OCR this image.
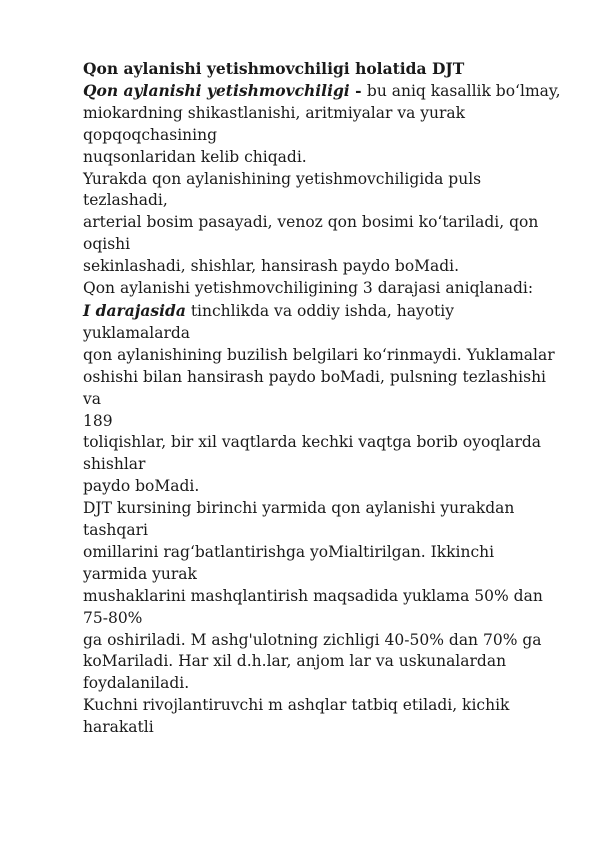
Qon aylanishi yetishmovchiligi holatida DJT
Qon aylanishi yetishmovchiligi - bu aniq kasallik bo‘lmay,
miokardning shikastlanishi, aritmiyalar va yurak
qopqoqchasining
nuqsonlaridan kelib chiqadi.
Yurakda qon aylanishining yetishmovchiligida puls
tezlashadi,
arterial bosim pasayadi, venoz qon bosimi ko‘tariladi, qon
oqishi
sekinlashadi, shishlar, hansirash paydo boMadi.
Qon aylanishi yetishmovchiligining 3 darajasi aniqlanadi:
I darajasida tinchlikda va oddiy ishda, hayotiy
yuklamalarda
qon aylanishining buzilish belgilari ko‘rinmaydi. Yuklamalar
oshishi bilan hansirash paydo boMadi, pulsning tezlashishi
va
189
toliqishlar, bir xil vaqtlarda kechki vaqtga borib oyoqlarda
shishlar
paydo boMadi.
DJT kursining birinchi yarmida qon aylanishi yurakdan
tashqari
omillarini rag‘batlantirishga yoMialtirilgan. Ikkinchi
yarmida yurak
mushaklarini mashqlantirish maqsadida yuklama 50% dan
75-80%
ga oshiriladi. M ashg'ulotning zichligi 40-50% dan 70% ga
koMariladi. Har xil d.h.lar, anjom lar va uskunalardan
foydalaniladi.
Kuchni rivojlantiruvchi m ashqlar tatbiq etiladi, kichik
harakatli
